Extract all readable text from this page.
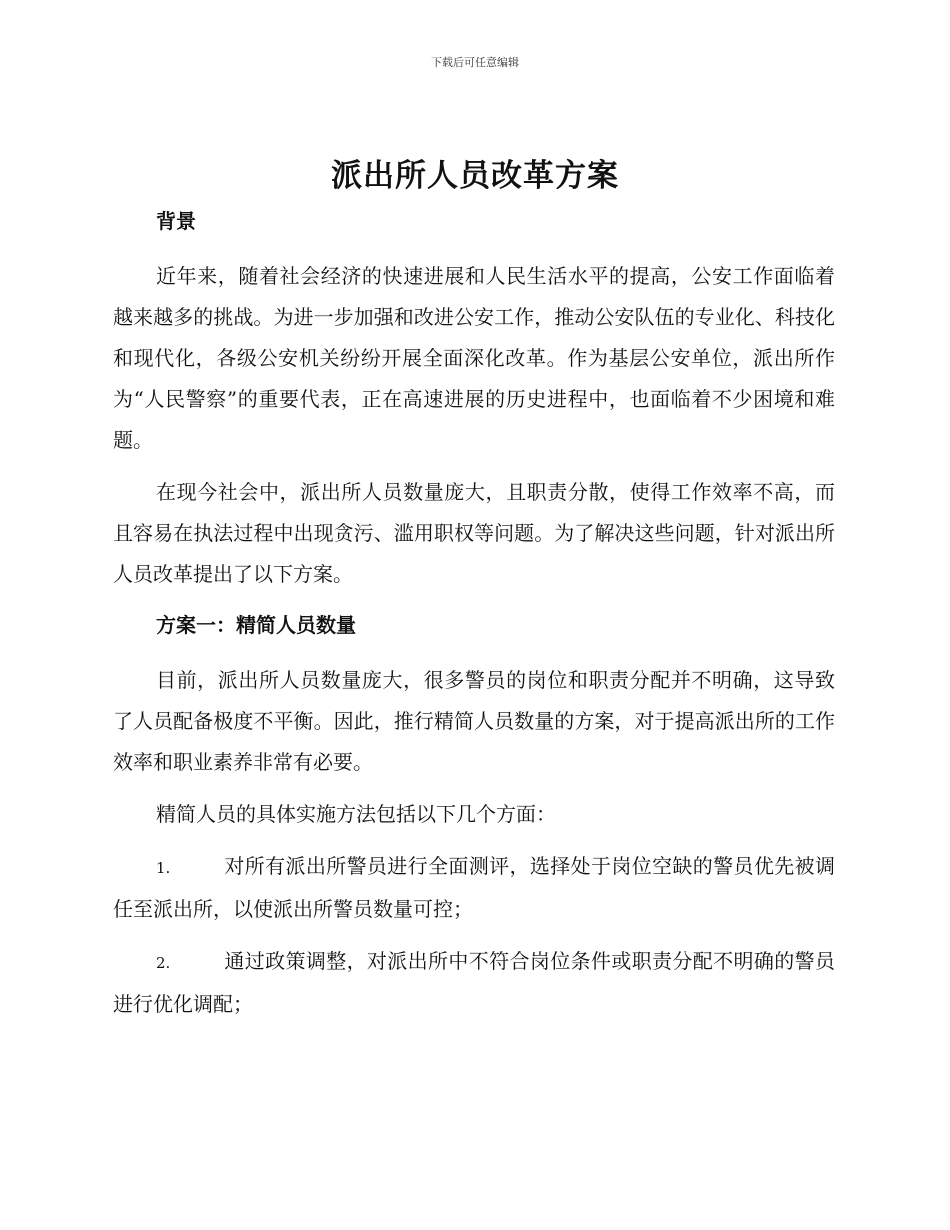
下载后可任意编辑
派出所人员改革方案
背景

近年来，随着社会经济的快速进展和人民生活水平的提高，公安工作面临着越来越多的挑战。为进一步加强和改进公安工作，推动公安队伍的专业化、科技化和现代化，各级公安机关纷纷开展全面深化改革。作为基层公安单位，派出所作为“人民警察”的重要代表，正在高速进展的历史进程中，也面临着不少困境和难题。

在现今社会中，派出所人员数量庞大，且职责分散，使得工作效率不高，而且容易在执法过程中出现贪污、滥用职权等问题。为了解决这些问题，针对派出所人员改革提出了以下方案。

方案一：精简人员数量

目前，派出所人员数量庞大，很多警员的岗位和职责分配并不明确，这导致了人员配备极度不平衡。因此，推行精简人员数量的方案，对于提高派出所的工作效率和职业素养非常有必要。

精简人员的具体实施方法包括以下几个方面：

1.	对所有派出所警员进行全面测评，选择处于岗位空缺的警员优先被调任至派出所，以使派出所警员数量可控；

2.	通过政策调整，对派出所中不符合岗位条件或职责分配不明确的警员进行优化调配；
